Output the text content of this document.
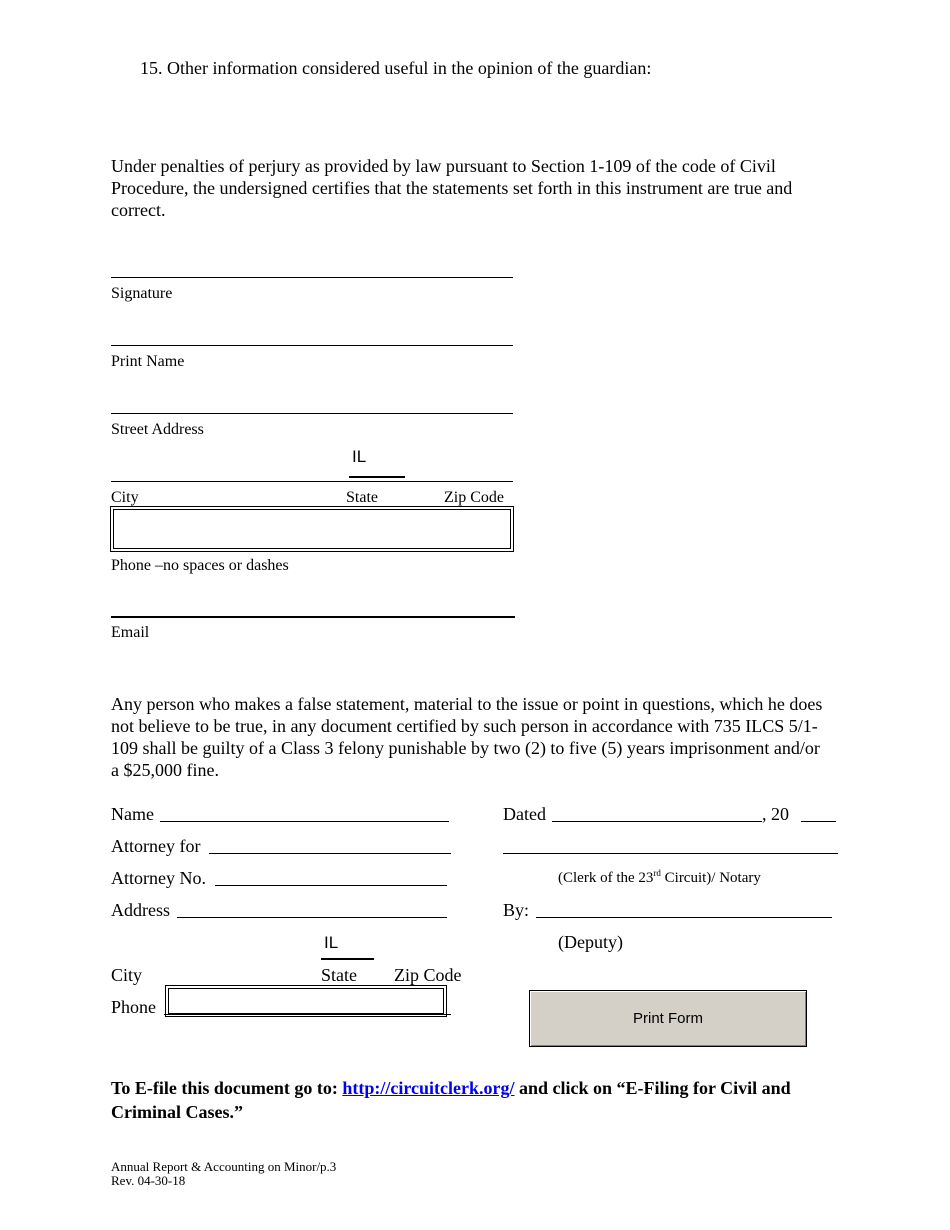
15. Other information considered useful in the opinion of the guardian:
Under penalties of perjury as provided by law pursuant to Section 1-109 of the code of Civil Procedure, the undersigned certifies that the statements set forth in this instrument are true and correct.
Signature
Print Name
Street Address
IL
City	State	Zip Code
Phone –no spaces or dashes
Email
Any person who makes a false statement, material to the issue or point in questions, which he does not believe to be true, in any document certified by such person in accordance with 735 ILCS 5/1-109 shall be guilty of a Class 3 felony punishable by two (2) to five (5) years imprisonment and/or a $25,000 fine.
Name
Attorney for
Attorney No.
Address
IL
City	State Zip Code
Phone
Dated	, 20
(Clerk of the 23rd Circuit)/ Notary
By:
(Deputy)
Print Form
To E-file this document go to: http://circuitclerk.org/ and click on “E-Filing for Civil and Criminal Cases.”
Annual Report & Accounting on Minor/p.3
Rev. 04-30-18
